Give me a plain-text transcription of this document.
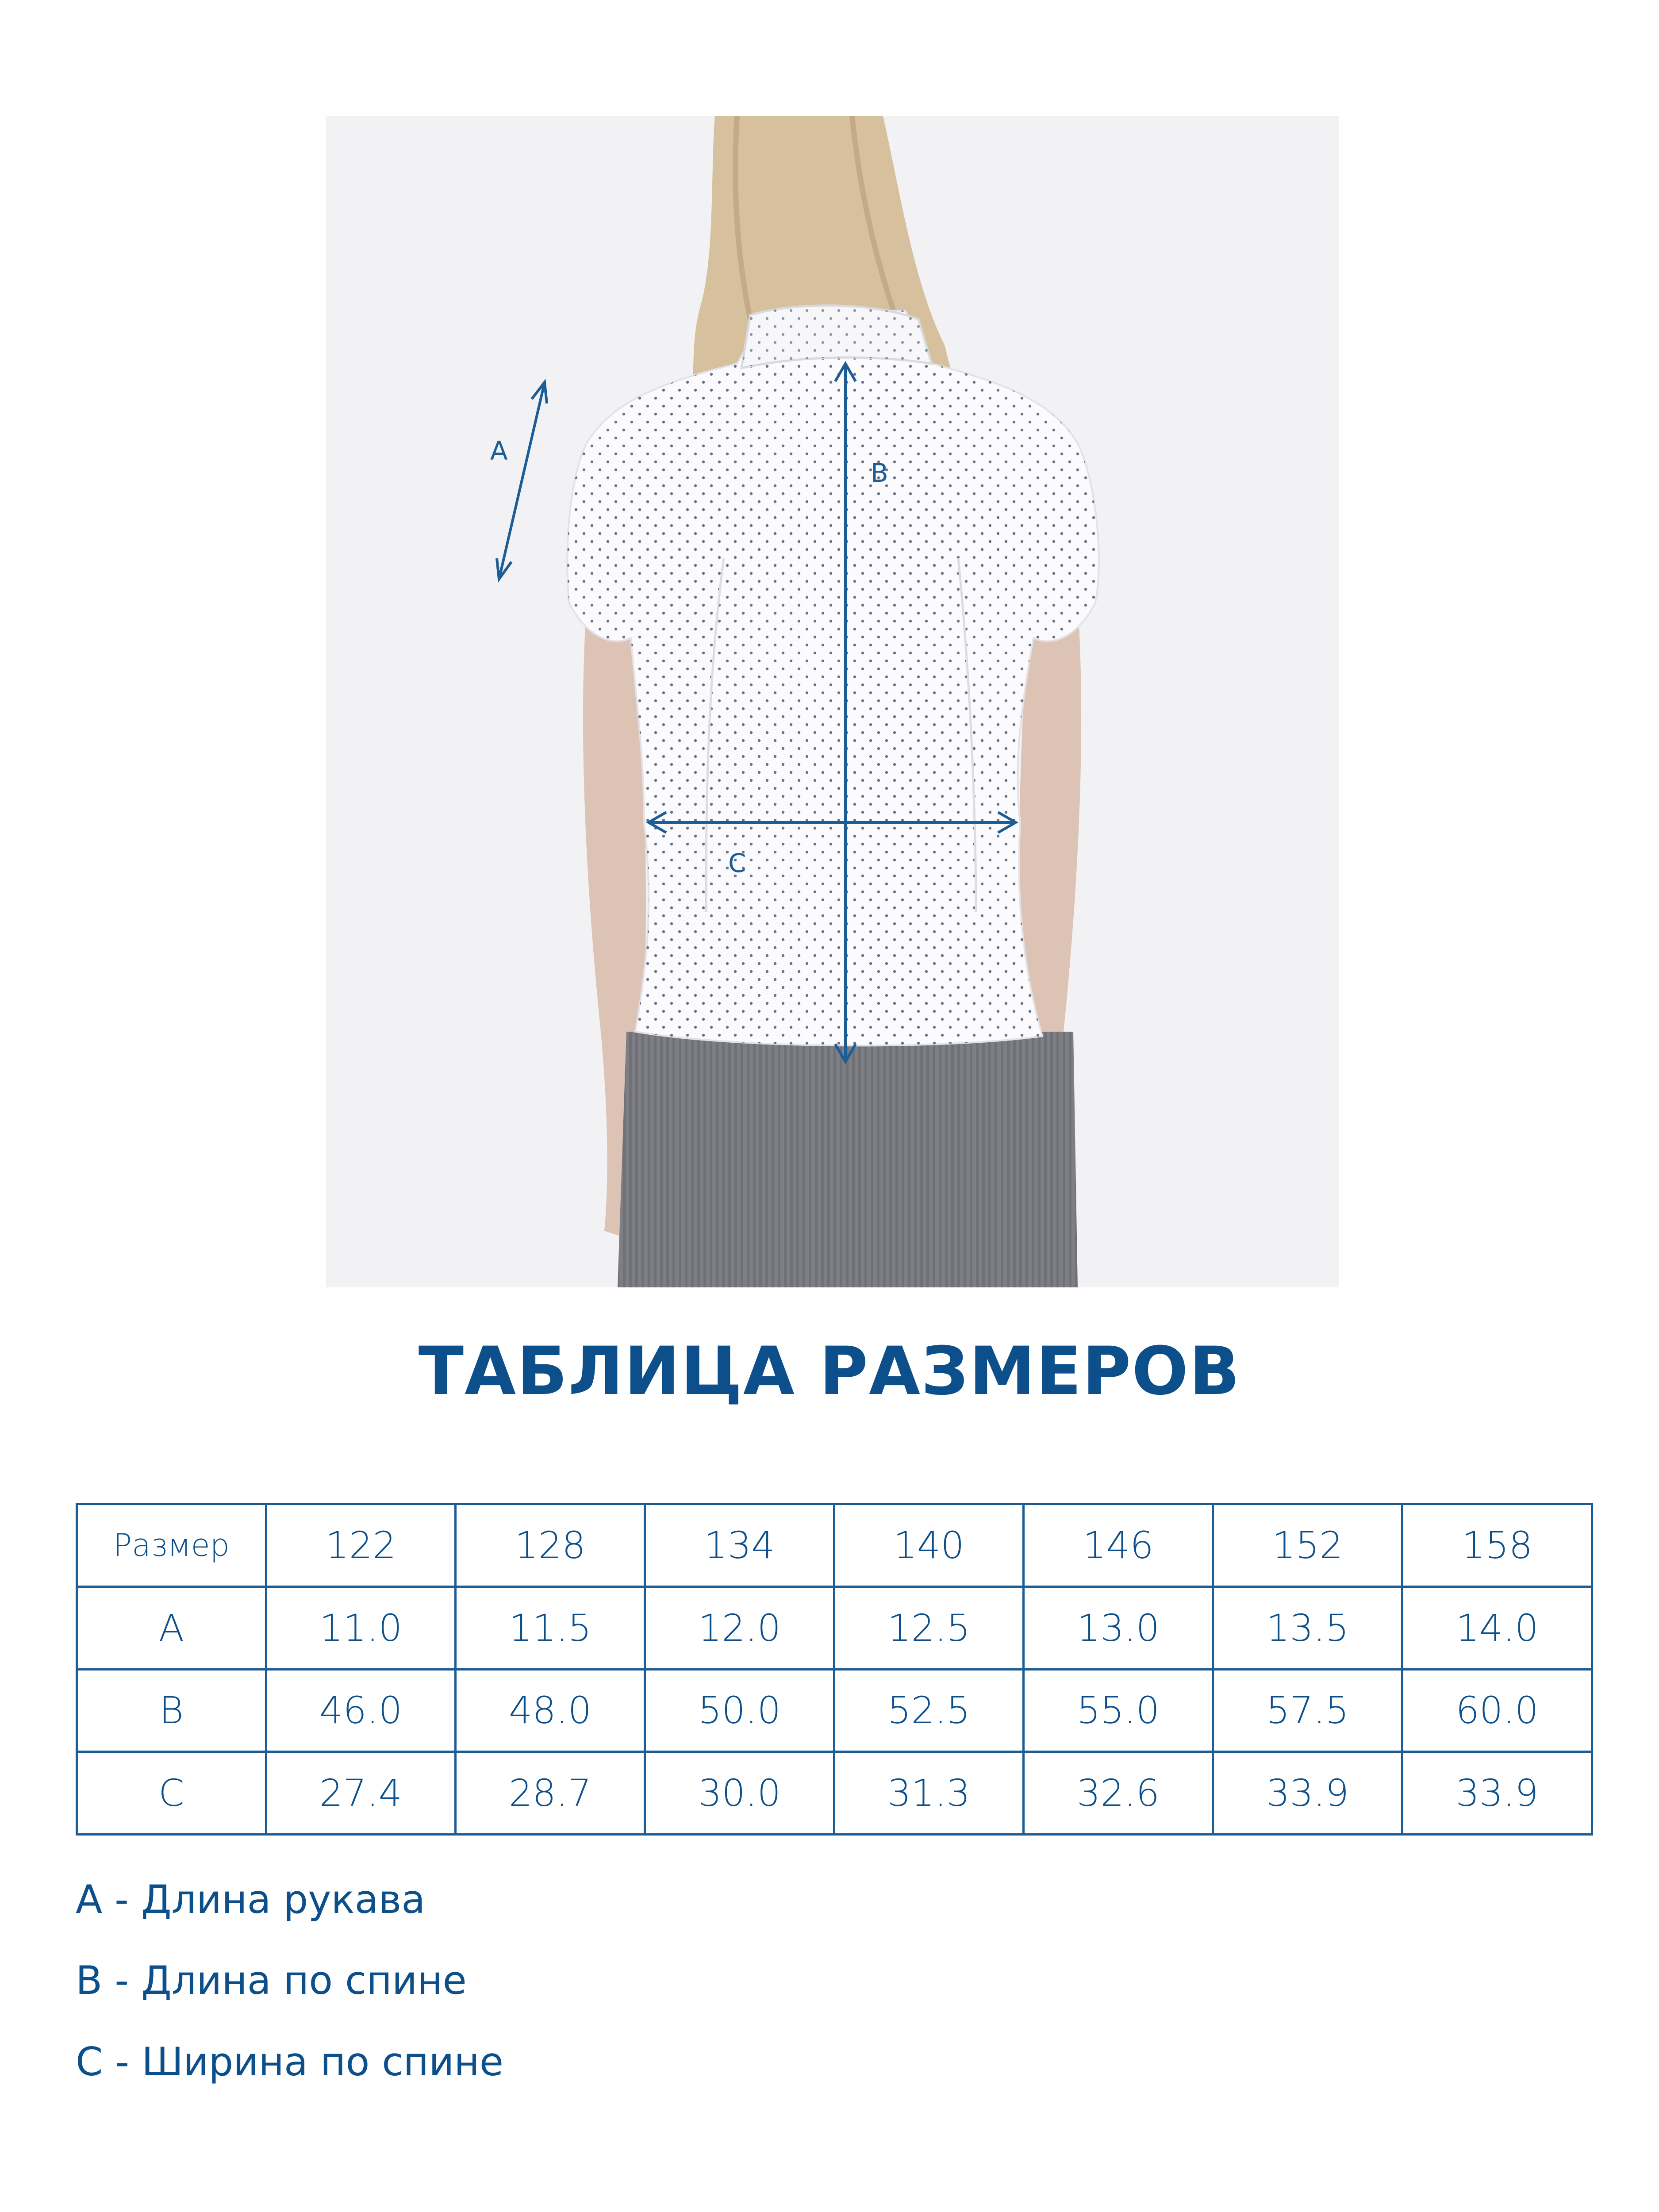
A
B
C
ТАБЛИЦА РАЗМЕРОВ
Размер	122	128	134	140	146	152	158
A	11.0	11.5	12.0	12.5	13.0	13.5	14.0
B	46.0	48.0	50.0	52.5	55.0	57.5	60.0
C	27.4	28.7	30.0	31.3	32.6	33.9	33.9
A - Длина рукава
B - Длина по спине
C - Ширина по спине
